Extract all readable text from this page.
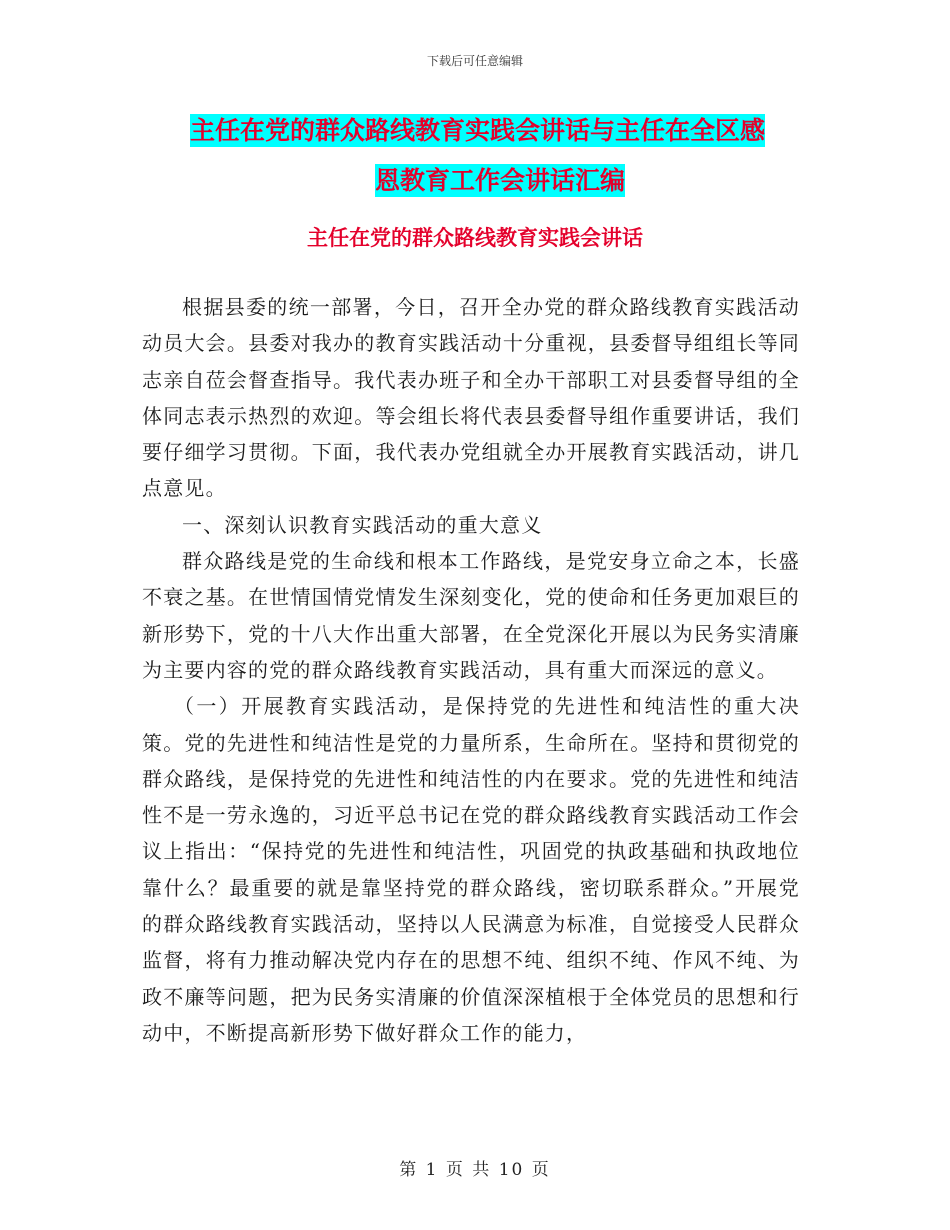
下载后可任意编辑
主任在党的群众路线教育实践会讲话与主任在全区感
恩教育工作会讲话汇编
主任在党的群众路线教育实践会讲话

根据县委的统一部署，今日，召开全办党的群众路线教育实践活动动员大会。县委对我办的教育实践活动十分重视，县委督导组组长等同志亲自莅会督查指导。我代表办班子和全办干部职工对县委督导组的全体同志表示热烈的欢迎。等会组长将代表县委督导组作重要讲话，我们要仔细学习贯彻。下面，我代表办党组就全办开展教育实践活动，讲几点意见。

一、深刻认识教育实践活动的重大意义

群众路线是党的生命线和根本工作路线，是党安身立命之本，长盛不衰之基。在世情国情党情发生深刻变化，党的使命和任务更加艰巨的新形势下，党的十八大作出重大部署，在全党深化开展以为民务实清廉为主要内容的党的群众路线教育实践活动，具有重大而深远的意义。

（一）开展教育实践活动，是保持党的先进性和纯洁性的重大决策。党的先进性和纯洁性是党的力量所系，生命所在。坚持和贯彻党的群众路线，是保持党的先进性和纯洁性的内在要求。党的先进性和纯洁性不是一劳永逸的，习近平总书记在党的群众路线教育实践活动工作会议上指出：“保持党的先进性和纯洁性，巩固党的执政基础和执政地位靠什么？最重要的就是靠坚持党的群众路线，密切联系群众。”开展党的群众路线教育实践活动，坚持以人民满意为标准，自觉接受人民群众监督，将有力推动解决党内存在的思想不纯、组织不纯、作风不纯、为政不廉等问题，把为民务实清廉的价值深深植根于全体党员的思想和行动中，不断提高新形势下做好群众工作的能力，

第 1 页 共 10 页
